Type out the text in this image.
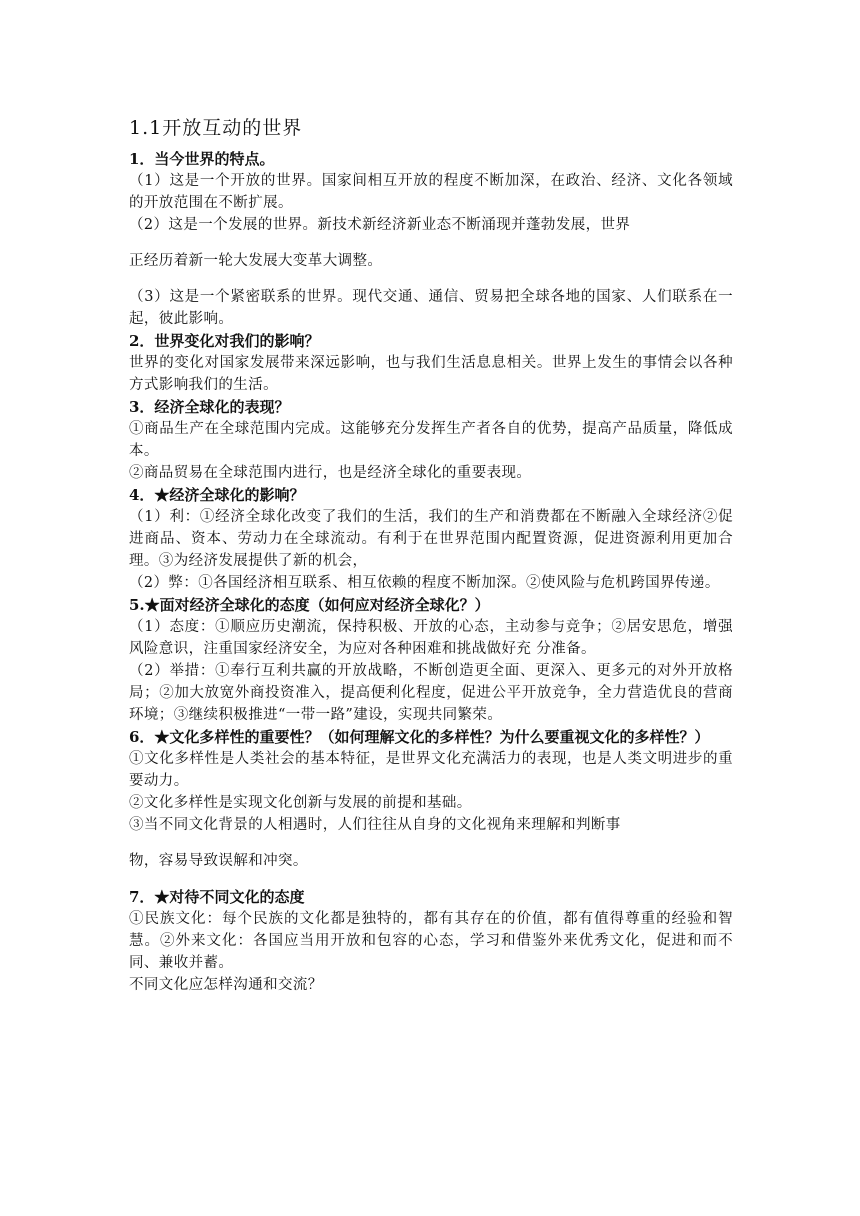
1.1开放互动的世界

1．当今世界的特点。

（1）这是一个开放的世界。国家间相互开放的程度不断加深，在政治、经济、文化各领域的开放范围在不断扩展。

（2）这是一个发展的世界。新技术新经济新业态不断涌现并蓬勃发展，世界

正经历着新一轮大发展大变革大调整。

（3）这是一个紧密联系的世界。现代交通、通信、贸易把全球各地的国家、人们联系在一起，彼此影响。

2．世界变化对我们的影响？

世界的变化对国家发展带来深远影响，也与我们生活息息相关。世界上发生的事情会以各种方式影响我们的生活。

3．经济全球化的表现？

①商品生产在全球范围内完成。这能够充分发挥生产者各自的优势，提高产品质量，降低成本。

②商品贸易在全球范围内进行，也是经济全球化的重要表现。

4．★经济全球化的影响？

（1）利：①经济全球化改变了我们的生活，我们的生产和消费都在不断融入全球经济②促进商品、资本、劳动力在全球流动。有利于在世界范围内配置资源，促进资源利用更加合理。③为经济发展提供了新的机会，

（2）弊：①各国经济相互联系、相互依赖的程度不断加深。②使风险与危机跨国界传递。

5.★面对经济全球化的态度（如何应对经济全球化？）

（1）态度：①顺应历史潮流，保持积极、开放的心态，主动参与竞争；②居安思危，增强风险意识，注重国家经济安全，为应对各种困难和挑战做好充 分准备。

（2）举措：①奉行互利共赢的开放战略，不断创造更全面、更深入、更多元的对外开放格局；②加大放宽外商投资准入，提高便利化程度，促进公平开放竞争，全力营造优良的营商环境；③继续积极推进“一带一路”建设，实现共同繁荣。

6．★文化多样性的重要性？（如何理解文化的多样性？为什么要重视文化的多样性？）

①文化多样性是人类社会的基本特征，是世界文化充满活力的表现，也是人类文明进步的重要动力。

②文化多样性是实现文化创新与发展的前提和基础。

③当不同文化背景的人相遇时，人们往往从自身的文化视角来理解和判断事

物，容易导致误解和冲突。

7．★对待不同文化的态度

①民族文化：每个民族的文化都是独特的，都有其存在的价值，都有值得尊重的经验和智慧。②外来文化：各国应当用开放和包容的心态，学习和借鉴外来优秀文化，促进和而不同、兼收并蓄。

不同文化应怎样沟通和交流？
